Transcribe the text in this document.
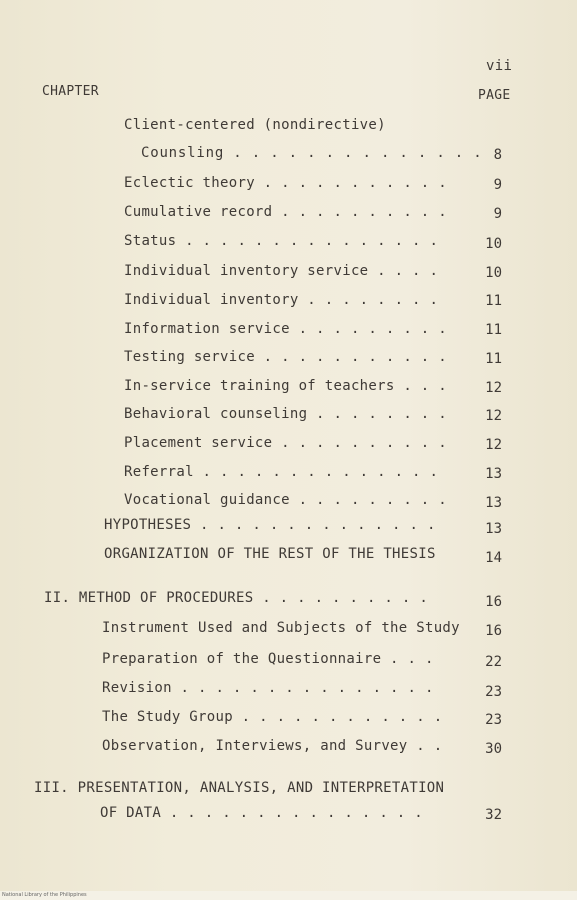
vii
CHAPTER	PAGE
Client-centered (nondirective)
Counsling . . . . . . . . . . . . . . 8
Eclectic theory . . . . . . . . . . .	9
Cumulative record . . . . . . . . . .	9
Status . . . . . . . . . . . . . . .	10
Individual inventory service . . . .	10
Individual inventory . . . . . . . .	11
Information service . . . . . . . . .	11
Testing service . . . . . . . . . . .	11
In-service training of teachers . . .	12
Behavioral counseling . . . . . . . .	12
Placement service . . . . . . . . . .	12
Referral . . . . . . . . . . . . . .	13
Vocational guidance . . . . . . . . .	13
HYPOTHESES . . . . . . . . . . . . . .	13
ORGANIZATION OF THE REST OF THE THESIS	14
II. METHOD OF PROCEDURES . . . . . . . . . .	16
Instrument Used and Subjects of the Study	16
Preparation of the Questionnaire . . .	22
Revision . . . . . . . . . . . . . . .	23
The Study Group . . . . . . . . . . . .	23
Observation, Interviews, and Survey . .	30
III. PRESENTATION, ANALYSIS, AND INTERPRETATION
OF DATA . . . . . . . . . . . . . . .	32
National Library of the Philippines
